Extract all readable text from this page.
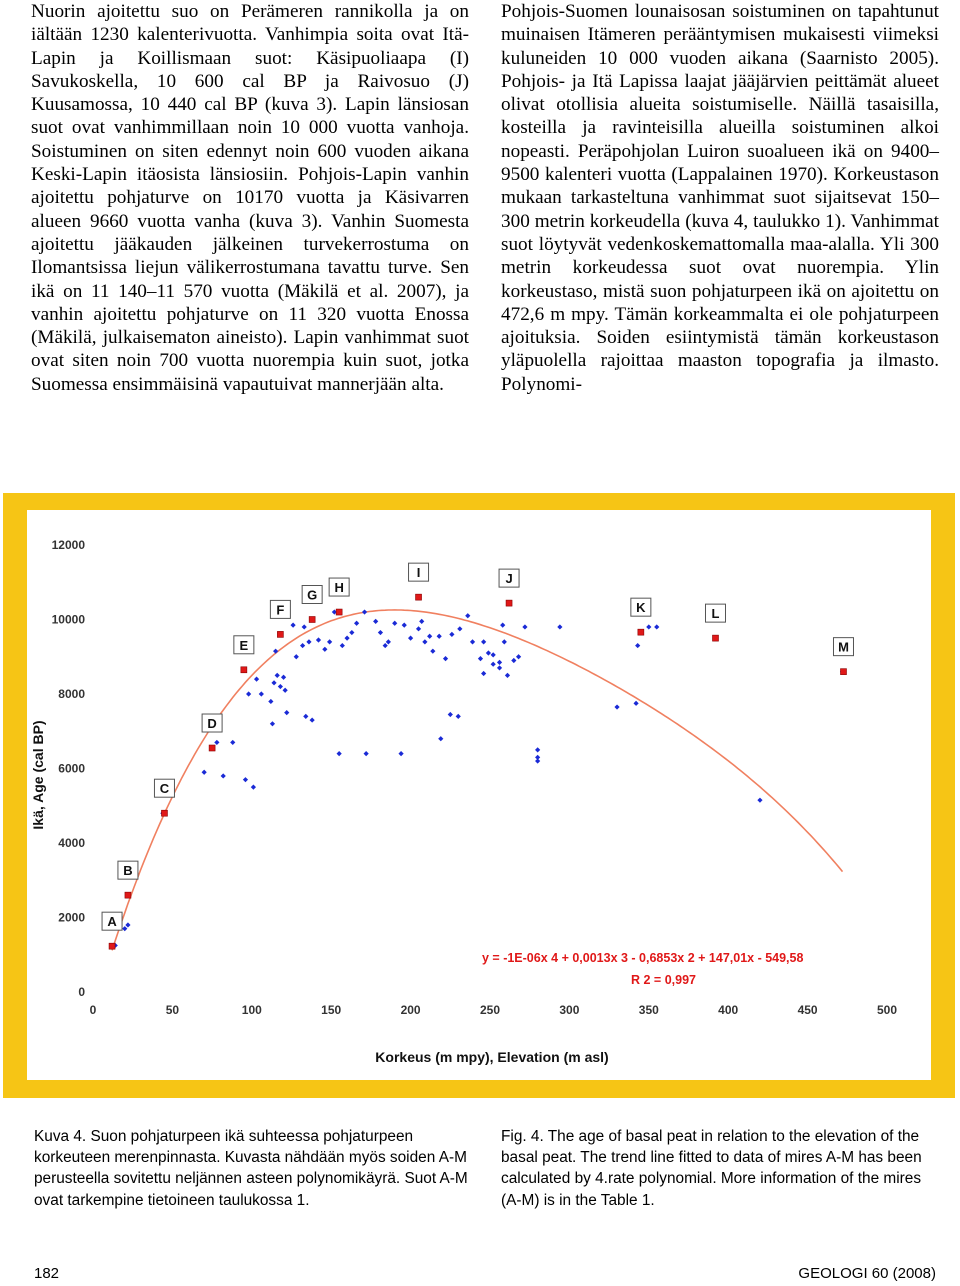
Nuorin ajoitettu suo on Perämeren rannikolla ja on iältään 1230 kalenterivuotta. Vanhimpia soita ovat Itä- Lapin ja Koillismaan suot: Käsipuoliaapa (I) Savukoskella, 10 600 cal BP ja Raivosuo (J) Kuusamossa, 10 440 cal BP (kuva 3). Lapin länsiosan suot ovat vanhimmillaan noin 10 000 vuotta vanhoja. Soistuminen on siten edennyt noin 600 vuoden aikana Keski-Lapin itäosista länsiosiin. Pohjois-Lapin vanhin ajoitettu pohjaturve on 10170 vuotta ja Käsivarren alueen 9660 vuotta vanha (kuva 3). Vanhin Suomesta ajoitettu jääkauden jälkeinen turvekerrostuma on Ilomantsissa liejun välikerrostumana tavattu turve. Sen ikä on 11 140–11 570 vuotta (Mäkilä et al. 2007), ja vanhin ajoitettu pohjaturve on 11 320 vuotta Enossa (Mäkilä, julkaisematon aineisto). Lapin vanhimmat suot ovat siten noin 700 vuotta nuorempia kuin suot, jotka Suomessa ensimmäisinä vapautuivat mannerjään alta.

Pohjois-Suomen lounaisosan soistuminen on tapahtunut muinaisen Itämeren perääntymisen mukaisesti viimeksi kuluneiden 10 000 vuoden aikana (Saarnisto 2005). Pohjois- ja Itä Lapissa laajat jääjärvien peittämät alueet olivat otollisia alueita soistumiselle. Näillä tasaisilla, kosteilla ja ravinteisilla alueilla soistuminen alkoi nopeasti. Peräpohjolan Luiron suoalueen ikä on 9400–9500 kalenteri vuotta (Lappalainen 1970). Korkeustason mukaan tarkasteltuna vanhimmat suot sijaitsevat 150–300 metrin korkeudella (kuva 4, taulukko 1). Vanhimmat suot löytyvät vedenkoskemattomalla maa-alalla. Yli 300 metrin korkeudessa suot ovat nuorempia. Ylin korkeustaso, mistä suon pohjaturpeen ikä on ajoitettu on 472,6 m mpy. Tämän korkeammalta ei ole pohjaturpeen ajoituksia. Soiden esiintymistä tämän korkeustason yläpuolella rajoittaa maaston topografia ja ilmasto. Polynomi-

A
B
C
D
E
F
G H
I	J
K	L
M
0
2000
4000
6000
8000
10000
12000
0	50	100	150	200	250	300	350	400	450	500
y = -1E-06x 4 + 0,0013x 3 - 0,6853x 2 + 147,01x - 549,58
R 2 = 0,997
Korkeus (m mpy), Elevation (m asl)
Ikä, Age (cal BP)
Kuva 4. Suon pohjaturpeen ikä suhteessa pohjaturpeen korkeuteen merenpinnasta. Kuvasta nähdään myös soiden A-M perusteella sovitettu neljännen asteen polynomikäyrä. Suot A-M ovat tarkempine tietoineen taulukossa 1.
Fig. 4. The age of basal peat in relation to the elevation of the basal peat. The trend line fitted to data of mires A-M has been calculated by 4.rate polynomial. More information of the mires (A-M) is in the Table 1.
182	GEOLOGI 60 (2008)
